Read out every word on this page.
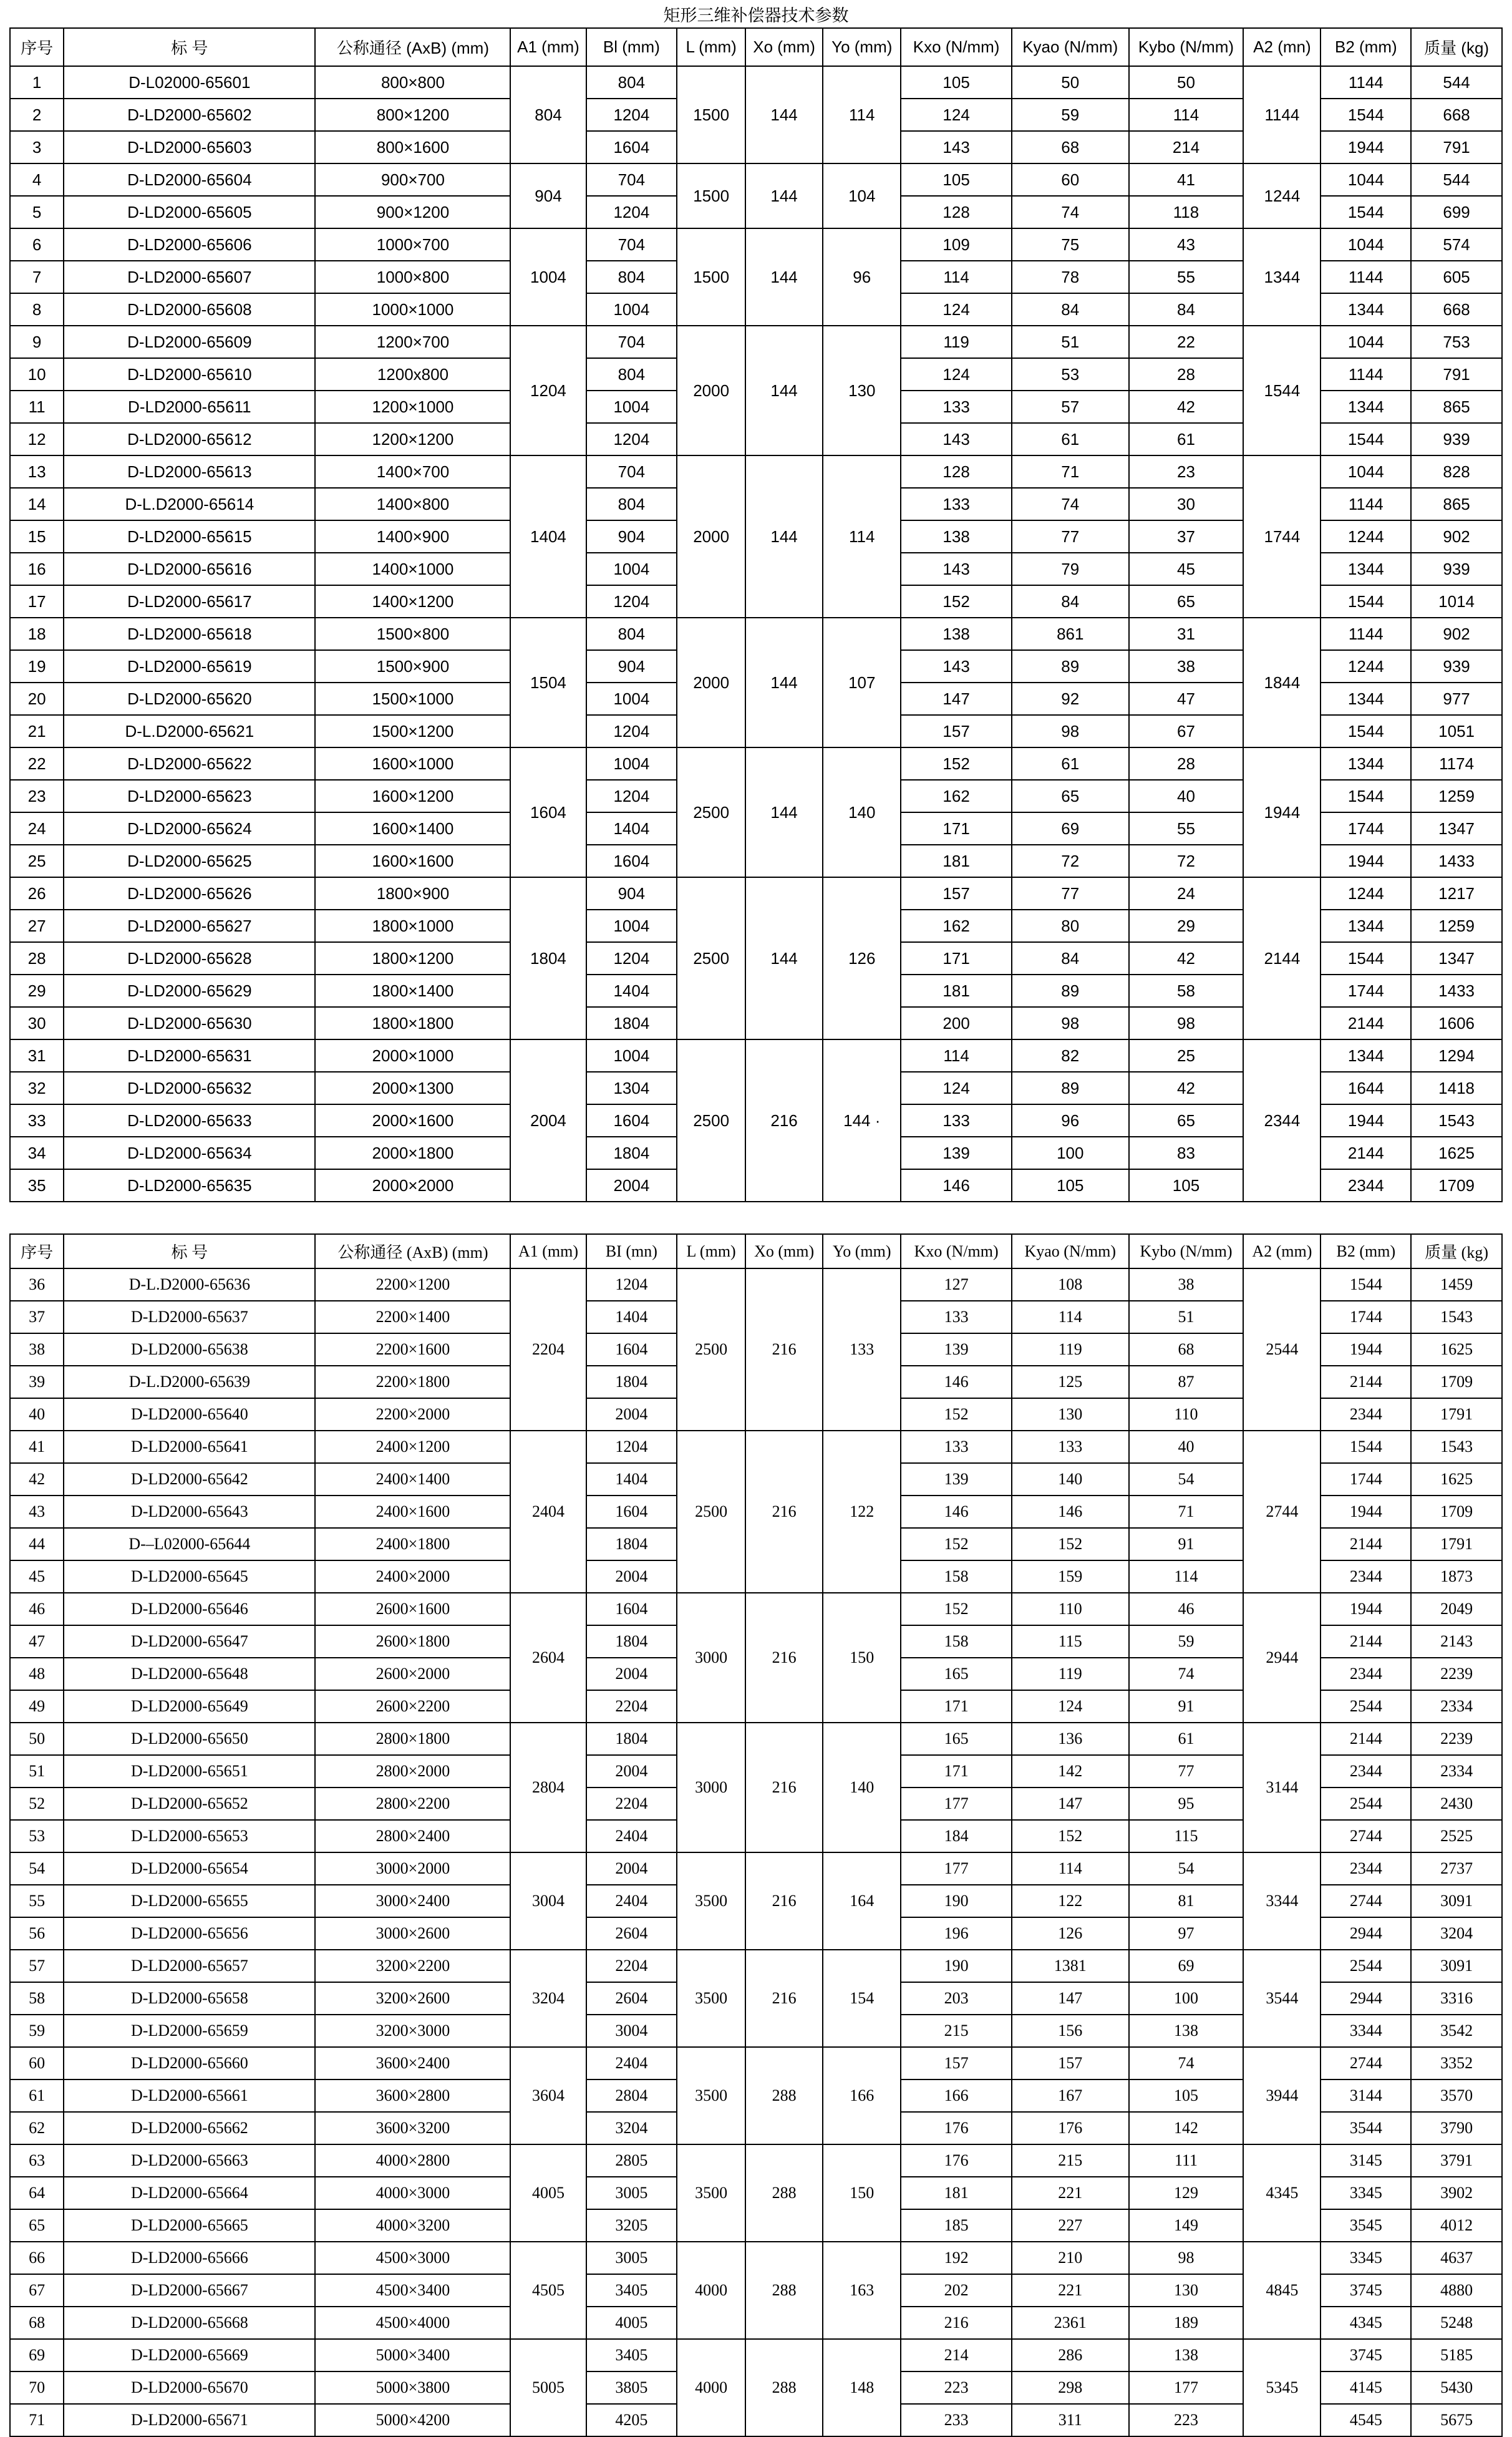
矩形三维补偿器技术参数
序号	标 号	公称通径 (AxB) (mm)	A1 (mm)	Bl (mm)	L (mm)	Xo (mm)	Yo (mm)	Kxo (N/mm)	Kyao (N/mm)	Kybo (N/mm)	A2 (mn)	B2 (mm)	质量 (kg)
1	D-L02000-65601	800×800	804	804	1500	144	114	105	50	50	1144	1144	544
2	D-LD2000-65602	800×1200		1204				124	59	114		1544	668
3	D-LD2000-65603	800×1600		1604				143	68	214		1944	791
4	D-LD2000-65604	900×700	904	704	1500	144	104	105	60	41	1244	1044	544
5	D-LD2000-65605	900×1200		1204				128	74	118		1544	699
6	D-LD2000-65606	1000×700	1004	704	1500	144	96	109	75	43	1344	1044	574
7	D-LD2000-65607	1000×800		804				114	78	55		1144	605
8	D-LD2000-65608	1000×1000		1004				124	84	84		1344	668
9	D-LD2000-65609	1200×700	1204	704	2000	144	130	119	51	22	1544	1044	753
10	D-LD2000-65610	1200x800		804				124	53	28		1144	791
11	D-LD2000-65611	1200×1000		1004				133	57	42		1344	865
12	D-LD2000-65612	1200×1200		1204				143	61	61		1544	939
13	D-LD2000-65613	1400×700	1404	704	2000	144	114	128	71	23	1744	1044	828
14	D-L.D2000-65614	1400×800		804				133	74	30		1144	865
15	D-LD2000-65615	1400×900		904				138	77	37		1244	902
16	D-LD2000-65616	1400×1000		1004				143	79	45		1344	939
17	D-LD2000-65617	1400×1200		1204				152	84	65		1544	1014
18	D-LD2000-65618	1500×800	1504	804	2000	144	107	138	861	31	1844	1144	902
19	D-LD2000-65619	1500×900		904				143	89	38		1244	939
20	D-LD2000-65620	1500×1000		1004				147	92	47		1344	977
21	D-L.D2000-65621	1500×1200		1204				157	98	67		1544	1051
22	D-LD2000-65622	1600×1000	1604	1004	2500	144	140	152	61	28	1944	1344	1174
23	D-LD2000-65623	1600×1200		1204				162	65	40		1544	1259
24	D-LD2000-65624	1600×1400		1404				171	69	55		1744	1347
25	D-LD2000-65625	1600×1600		1604				181	72	72		1944	1433
26	D-LD2000-65626	1800×900	1804	904	2500	144	126	157	77	24	2144	1244	1217
27	D-LD2000-65627	1800×1000		1004				162	80	29		1344	1259
28	D-LD2000-65628	1800×1200		1204				171	84	42		1544	1347
29	D-LD2000-65629	1800×1400		1404				181	89	58		1744	1433
30	D-LD2000-65630	1800×1800		1804				200	98	98		2144	1606
31	D-LD2000-65631	2000×1000	2004	1004	2500	216	144 ·	114	82	25	2344	1344	1294
32	D-LD2000-65632	2000×1300		1304				124	89	42		1644	1418
33	D-LD2000-65633	2000×1600		1604				133	96	65		1944	1543
34	D-LD2000-65634	2000×1800		1804				139	100	83		2144	1625
35	D-LD2000-65635	2000×2000		2004				146	105	105		2344	1709
序号	标 号	公称通径 (AxB) (mm)	A1 (mm)	BI (mn)	L (mm)	Xo (mm)	Yo (mm)	Kxo (N/mm)	Kyao (N/mm)	Kybo (N/mm)	A2 (mm)	B2 (mm)	质量 (kg)
36	D-L.D2000-65636	2200×1200	2204	1204	2500	216	133	127	108	38	2544	1544	1459
37	D-LD2000-65637	2200×1400		1404				133	114	51		1744	1543
38	D-LD2000-65638	2200×1600		1604				139	119	68		1944	1625
39	D-L.D2000-65639	2200×1800		1804				146	125	87		2144	1709
40	D-LD2000-65640	2200×2000		2004				152	130	110		2344	1791
41	D-LD2000-65641	2400×1200	2404	1204	2500	216	122	133	133	40	2744	1544	1543
42	D-LD2000-65642	2400×1400		1404				139	140	54		1744	1625
43	D-LD2000-65643	2400×1600		1604				146	146	71		1944	1709
44	D-–L02000-65644	2400×1800		1804				152	152	91		2144	1791
45	D-LD2000-65645	2400×2000		2004				158	159	114		2344	1873
46	D-LD2000-65646	2600×1600	2604	1604	3000	216	150	152	110	46	2944	1944	2049
47	D-LD2000-65647	2600×1800		1804				158	115	59		2144	2143
48	D-LD2000-65648	2600×2000		2004				165	119	74		2344	2239
49	D-LD2000-65649	2600×2200		2204				171	124	91		2544	2334
50	D-LD2000-65650	2800×1800	2804	1804	3000	216	140	165	136	61	3144	2144	2239
51	D-LD2000-65651	2800×2000		2004				171	142	77		2344	2334
52	D-LD2000-65652	2800×2200		2204				177	147	95		2544	2430
53	D-LD2000-65653	2800×2400		2404				184	152	115		2744	2525
54	D-LD2000-65654	3000×2000	3004	2004	3500	216	164	177	114	54	3344	2344	2737
55	D-LD2000-65655	3000×2400		2404				190	122	81		2744	3091
56	D-LD2000-65656	3000×2600		2604				196	126	97		2944	3204
57	D-LD2000-65657	3200×2200	3204	2204	3500	216	154	190	1381	69	3544	2544	3091
58	D-LD2000-65658	3200×2600		2604				203	147	100		2944	3316
59	D-LD2000-65659	3200×3000		3004				215	156	138		3344	3542
60	D-LD2000-65660	3600×2400	3604	2404	3500	288	166	157	157	74	3944	2744	3352
61	D-LD2000-65661	3600×2800		2804				166	167	105		3144	3570
62	D-LD2000-65662	3600×3200		3204				176	176	142		3544	3790
63	D-LD2000-65663	4000×2800	4005	2805	3500	288	150	176	215	111	4345	3145	3791
64	D-LD2000-65664	4000×3000		3005				181	221	129		3345	3902
65	D-LD2000-65665	4000×3200		3205				185	227	149		3545	4012
66	D-LD2000-65666	4500×3000	4505	3005	4000	288	163	192	210	98	4845	3345	4637
67	D-LD2000-65667	4500×3400		3405				202	221	130		3745	4880
68	D-LD2000-65668	4500×4000		4005				216	2361	189		4345	5248
69	D-LD2000-65669	5000×3400	5005	3405	4000	288	148	214	286	138	5345	3745	5185
70	D-LD2000-65670	5000×3800		3805				223	298	177		4145	5430
71	D-LD2000-65671	5000×4200		4205				233	311	223		4545	5675
